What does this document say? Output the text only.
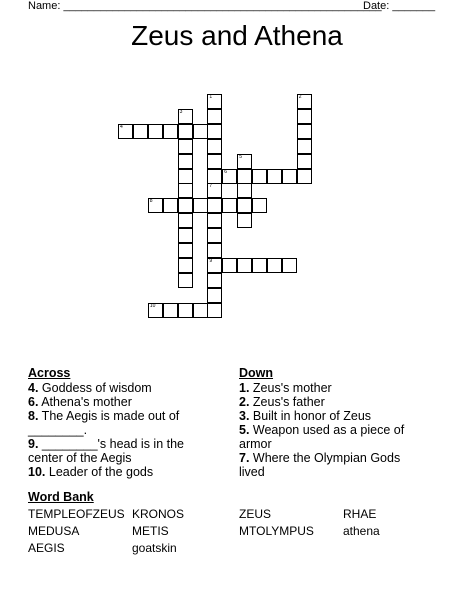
Name: ____________________________________________________
Date: _______
Zeus and Athena
1
7
9
2
3
4
5
6
8
10
Across
4. Goddess of wisdom
6. Athena's mother
8. The Aegis is made out of
________.
9. ________'s head is in the
center of the Aegis
10. Leader of the gods
Down
1. Zeus's mother
2. Zeus's father
3. Built in honor of Zeus
5. Weapon used as a piece of
armor
7. Where the Olympian Gods
lived
Word Bank
TEMPLEOFZEUS KRONOS	ZEUS	RHAE
MEDUSA	METIS	MTOLYMPUS athena
AEGIS	goatskin
